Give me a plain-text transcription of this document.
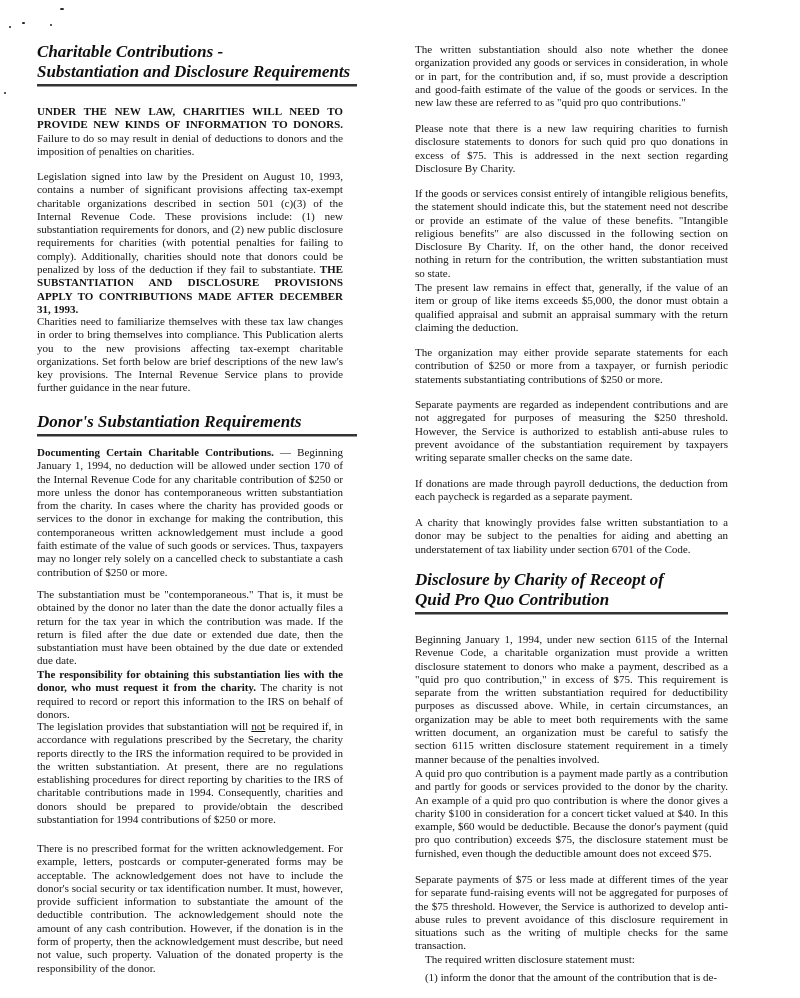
Charitable Contributions -

Substantiation and Disclosure Requirements

UNDER THE NEW LAW, CHARITIES WILL NEED TO PROVIDE NEW KINDS OF INFORMATION TO DONORS. Failure to do so may result in denial of deductions to donors and the imposition of penalties on charities.

Legislation signed into law by the President on August 10, 1993, contains a number of significant provisions affecting tax-exempt charitable organizations described in section 501 (c)(3) of the Internal Revenue Code. These provisions include: (1) new substantiation requirements for donors, and (2) new public disclosure requirements for charities (with potential penalties for failing to comply). Additionally, charities should note that donors could be penalized by loss of the deduction if they fail to substantiate. THE SUBSTANTIATION AND DISCLOSURE PROVISIONS APPLY TO CONTRIBUTIONS MADE AFTER DECEMBER 31, 1993.

Charities need to familiarize themselves with these tax law changes in order to bring themselves into compliance. This Publication alerts you to the new provisions affecting tax-exempt charitable organizations. Set forth below are brief descriptions of the new law's key provisions. The Internal Revenue Service plans to provide further guidance in the near future.

Donor's Substantiation Requirements

Documenting Certain Charitable Contributions. — Beginning January 1, 1994, no deduction will be allowed under section 170 of the Internal Revenue Code for any charitable contribution of $250 or more unless the donor has contemporaneous written substantiation from the charity. In cases where the charity has provided goods or services to the donor in exchange for making the contribution, this contemporaneous written acknowledgement must include a good faith estimate of the value of such goods or services. Thus, taxpayers may no longer rely solely on a cancelled check to substantiate a cash contribution of $250 or more.

The substantiation must be "contemporaneous." That is, it must be obtained by the donor no later than the date the donor actually files a return for the tax year in which the contribution was made. If the return is filed after the due date or extended due date, then the substantiation must have been obtained by the due date or extended due date.

The responsibility for obtaining this substantiation lies with the donor, who must request it from the charity. The charity is not required to record or report this information to the IRS on behalf of donors.

The legislation provides that substantiation will not be required if, in accordance with regulations prescribed by the Secretary, the charity reports directly to the IRS the information required to be provided in the written substantiation. At present, there are no regulations establishing procedures for direct reporting by charities to the IRS of charitable contributions made in 1994. Consequently, charities and donors should be prepared to provide/obtain the described substantiation for 1994 contributions of $250 or more.

There is no prescribed format for the written acknowledgement. For example, letters, postcards or computer-generated forms may be acceptable. The acknowledgement does not have to include the donor's social security or tax identification number. It must, however, provide sufficient information to substantiate the amount of the deductible contribution. The acknowledgement should note the amount of any cash contribution. However, if the donation is in the form of property, then the acknowledgement must describe, but need not value, such property. Valuation of the donated property is the responsibility of the donor.

The written substantiation should also note whether the donee organization provided any goods or services in consideration, in whole or in part, for the contribution and, if so, must provide a description and good-faith estimate of the value of the goods or services. In the new law these are referred to as "quid pro quo contributions."

Please note that there is a new law requiring charities to furnish disclosure statements to donors for such quid pro quo donations in excess of $75. This is addressed in the next section regarding Disclosure By Charity.

If the goods or services consist entirely of intangible religious benefits, the statement should indicate this, but the statement need not describe or provide an estimate of the value of these benefits. "Intangible religious benefits" are also discussed in the following section on Disclosure By Charity. If, on the other hand, the donor received nothing in return for the contribution, the written substantiation must so state.

The present law remains in effect that, generally, if the value of an item or group of like items exceeds $5,000, the donor must obtain a qualified appraisal and submit an appraisal summary with the return claiming the deduction.

The organization may either provide separate statements for each contribution of $250 or more from a taxpayer, or furnish periodic statements substantiating contributions of $250 or more.

Separate payments are regarded as independent contributions and are not aggregated for purposes of measuring the $250 threshold. However, the Service is authorized to establish anti-abuse rules to prevent avoidance of the substantiation requirement by taxpayers writing separate smaller checks on the same date.

If donations are made through payroll deductions, the deduction from each paycheck is regarded as a separate payment.

A charity that knowingly provides false written substantiation to a donor may be subject to the penalties for aiding and abetting an understatement of tax liability under section 6701 of the Code.

Disclosure by Charity of Receopt of

Quid Pro Quo Contribution

Beginning January 1, 1994, under new section 6115 of the Internal Revenue Code, a charitable organization must provide a written disclosure statement to donors who make a payment, described as a "quid pro quo contribution," in excess of $75. This requirement is separate from the written substantiation required for deductibility purposes as discussed above. While, in certain circumstances, an organization may be able to meet both requirements with the same written document, an organization must be careful to satisfy the section 6115 written disclosure statement requirement in a timely manner because of the penalties involved.

A quid pro quo contribution is a payment made partly as a contribution and partly for goods or services provided to the donor by the charity. An example of a quid pro quo contribution is where the donor gives a charity $100 in consideration for a concert ticket valued at $40. In this example, $60 would be deductible. Because the donor's payment (quid pro quo contribution) exceeds $75, the disclosure statement must be furnished, even though the deductible amount does not exceed $75.

Separate payments of $75 or less made at different times of the year for separate fund-raising events will not be aggregated for purposes of the $75 threshold. However, the Service is authorized to develop anti-abuse rules to prevent avoidance of this disclosure requirement in situations such as the writing of multiple checks for the same transaction.

The required written disclosure statement must:

(1) inform the donor that the amount of the contribution that is de-
